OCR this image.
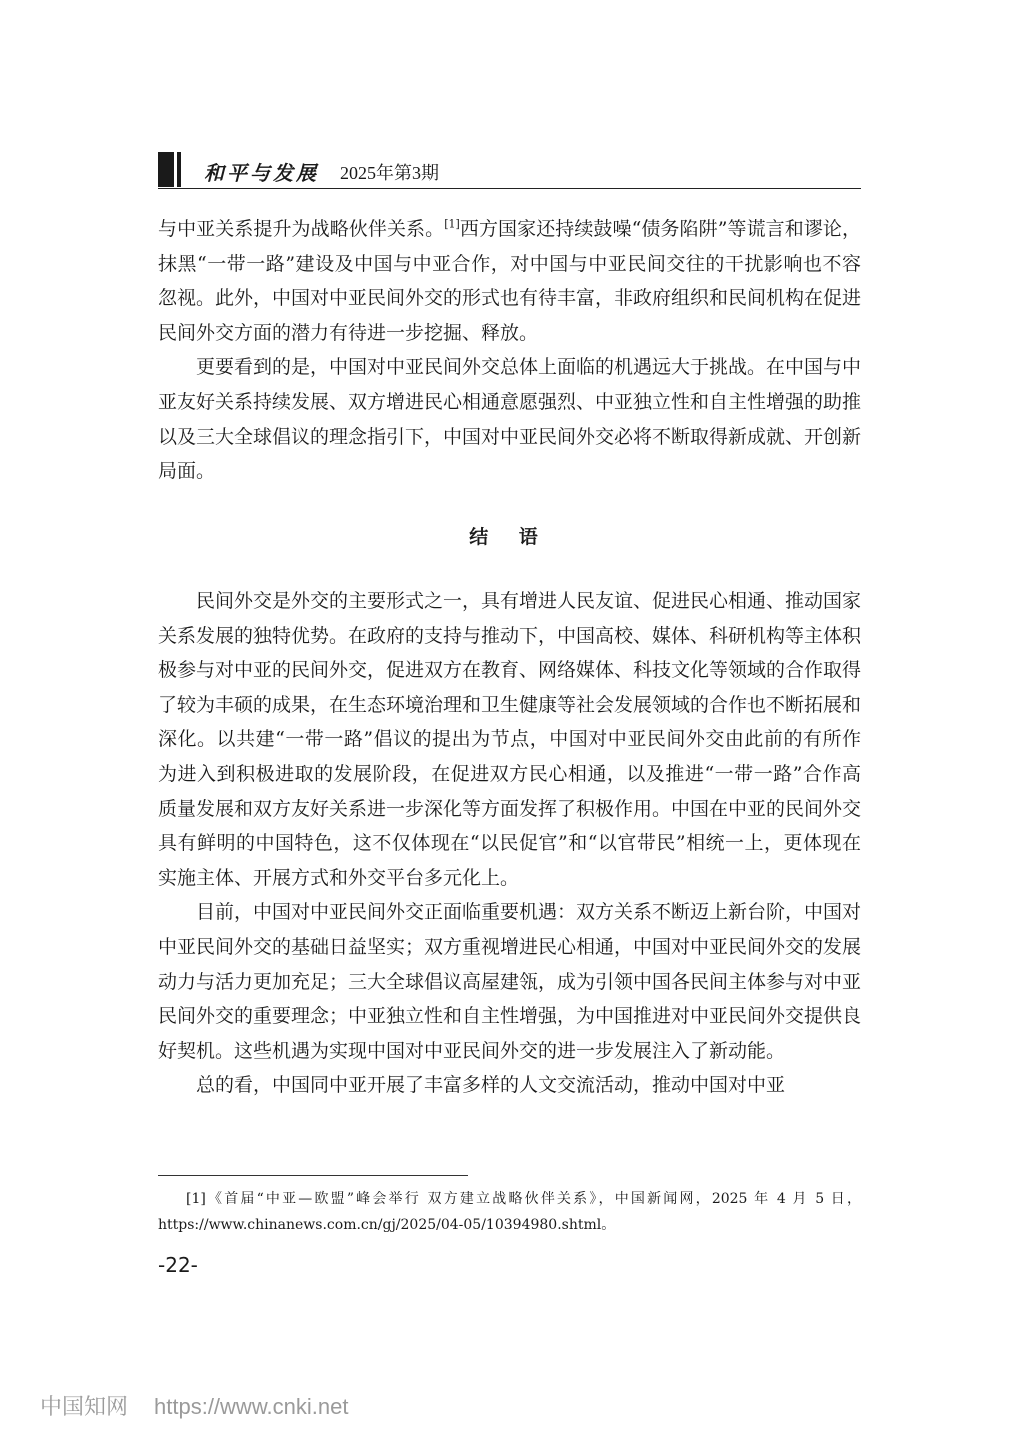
和平与发展 2025年第3期

与中亚关系提升为战略伙伴关系。[1]西方国家还持续鼓噪“债务陷阱”等谎言和谬论，抹黑“一带一路”建设及中国与中亚合作，对中国与中亚民间交往的干扰影响也不容忽视。此外，中国对中亚民间外交的形式也有待丰富，非政府组织和民间机构在促进民间外交方面的潜力有待进一步挖掘、释放。

更要看到的是，中国对中亚民间外交总体上面临的机遇远大于挑战。在中国与中亚友好关系持续发展、双方增进民心相通意愿强烈、中亚独立性和自主性增强的助推以及三大全球倡议的理念指引下，中国对中亚民间外交必将不断取得新成就、开创新局面。

结 语

民间外交是外交的主要形式之一，具有增进人民友谊、促进民心相通、推动国家关系发展的独特优势。在政府的支持与推动下，中国高校、媒体、科研机构等主体积极参与对中亚的民间外交，促进双方在教育、网络媒体、科技文化等领域的合作取得了较为丰硕的成果，在生态环境治理和卫生健康等社会发展领域的合作也不断拓展和深化。以共建“一带一路”倡议的提出为节点，中国对中亚民间外交由此前的有所作为进入到积极进取的发展阶段，在促进双方民心相通，以及推进“一带一路”合作高质量发展和双方友好关系进一步深化等方面发挥了积极作用。中国在中亚的民间外交具有鲜明的中国特色，这不仅体现在“以民促官”和“以官带民”相统一上，更体现在实施主体、开展方式和外交平台多元化上。

目前，中国对中亚民间外交正面临重要机遇：双方关系不断迈上新台阶，中国对中亚民间外交的基础日益坚实；双方重视增进民心相通，中国对中亚民间外交的发展动力与活力更加充足；三大全球倡议高屋建瓴，成为引领中国各民间主体参与对中亚民间外交的重要理念；中亚独立性和自主性增强，为中国推进对中亚民间外交提供良好契机。这些机遇为实现中国对中亚民间外交的进一步发展注入了新动能。

总的看，中国同中亚开展了丰富多样的人文交流活动，推动中国对中亚

[1]《首届“中亚—欧盟”峰会举行 双方建立战略伙伴关系》，中国新闻网，2025 年 4 月 5 日，https://www.chinanews.com.cn/gj/2025/04-05/10394980.shtml。
-22-
中国知网 https://www.cnki.net
